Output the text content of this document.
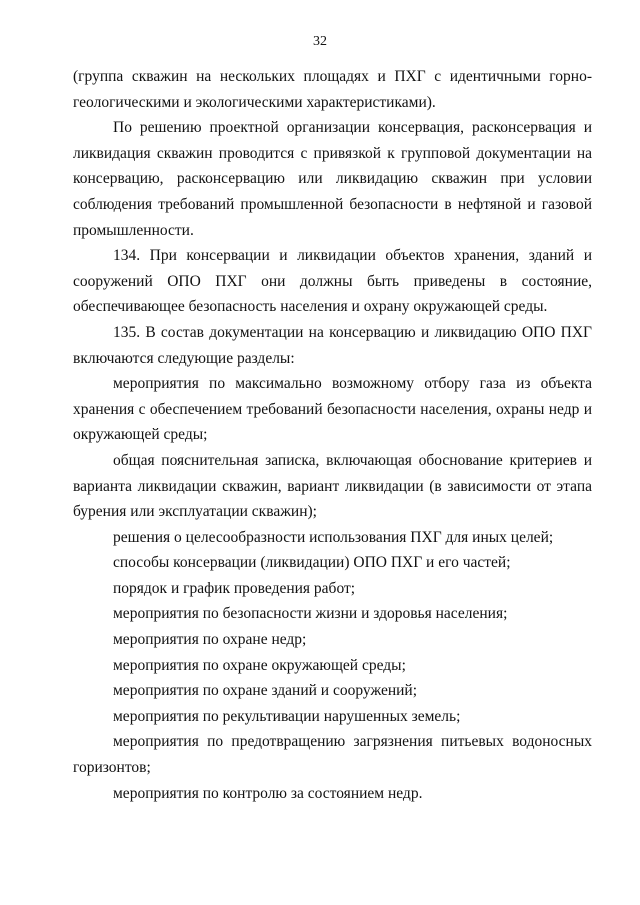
32

(группа скважин на нескольких площадях и ПХГ с идентичными горно-геологическими и экологическими характеристиками).

По решению проектной организации консервация, расконсервация и ликвидация скважин проводится с привязкой к групповой документации на консервацию, расконсервацию или ликвидацию скважин при условии соблюдения требований промышленной безопасности в нефтяной и газовой промышленности.

134. При консервации и ликвидации объектов хранения, зданий и сооружений ОПО ПХГ они должны быть приведены в состояние, обеспечивающее безопасность населения и охрану окружающей среды.

135. В состав документации на консервацию и ликвидацию ОПО ПХГ включаются следующие разделы:

мероприятия по максимально возможному отбору газа из объекта хранения с обеспечением требований безопасности населения, охраны недр и окружающей среды;

общая пояснительная записка, включающая обоснование критериев и варианта ликвидации скважин, вариант ликвидации (в зависимости от этапа бурения или эксплуатации скважин);

решения о целесообразности использования ПХГ для иных целей;

способы консервации (ликвидации) ОПО ПХГ и его частей;

порядок и график проведения работ;

мероприятия по безопасности жизни и здоровья населения;

мероприятия по охране недр;

мероприятия по охране окружающей среды;

мероприятия по охране зданий и сооружений;

мероприятия по рекультивации нарушенных земель;

мероприятия по предотвращению загрязнения питьевых водоносных горизонтов;

мероприятия по контролю за состоянием недр.
